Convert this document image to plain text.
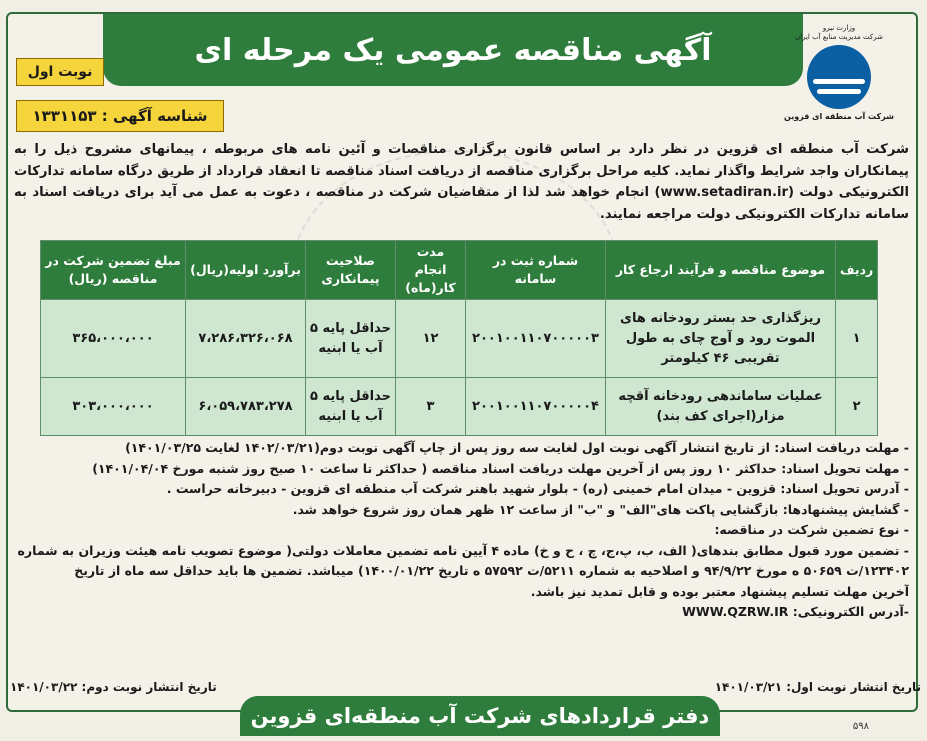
آگهی مناقصه عمومی یک مرحله ای
وزارت نیرو
شرکت مدیریت منابع آب ایران
شرکت آب منطقه ای قزوین
نوبت اول
شناسه آگهی : ۱۳۳۱۱۵۳

شرکت آب منطقه ای قزوین در نظر دارد بر اساس قانون برگزاری مناقصات و آئین نامه های مربوطه ، پیمانهای مشروح ذیل را به پیمانکاران واجد شرایط واگذار نماید. کلیه مراحل برگزاری مناقصه از دریافت اسناد مناقصه تا انعقاد قرارداد از طریق درگاه سامانه تدارکات الکترونیکی دولت (www.setadiran.ir) انجام خواهد شد لذا از متقاضیان شرکت در مناقصه ، دعوت به عمل می آید برای دریافت اسناد به سامانه تدارکات الکترونیکی دولت مراجعه نمایند.

ردیف	موضوع مناقصه و فرآیند ارجاع کار	شماره ثبت در سامانه	مدت انجام کار(ماه)	صلاحیت پیمانکاری	برآورد اولیه(ریال)	مبلغ تضمین شرکت در مناقصه (ریال)
۱	ریزگذاری حد بستر رودخانه های الموت رود و آوج چای به طول تقریبی ۴۶ کیلومتر	۲۰۰۱۰۰۱۱۰۷۰۰۰۰۰۳	۱۲	حداقل پایه ۵ آب یا ابنیه	۷،۲۸۶،۳۲۶،۰۶۸	۳۶۵،۰۰۰،۰۰۰
۲	عملیات ساماندهی رودخانه آقچه مزار(اجرای کف بند)	۲۰۰۱۰۰۱۱۰۷۰۰۰۰۰۴	۳	حداقل پایه ۵ آب یا ابنیه	۶،۰۵۹،۷۸۳،۲۷۸	۳۰۳،۰۰۰،۰۰۰
- مهلت دریافت اسناد: از تاریخ انتشار آگهی نوبت اول لغایت سه روز پس از چاپ آگهی نوبت دوم(۱۴۰۲/۰۳/۲۱ لغایت ۱۴۰۱/۰۳/۲۵)
- مهلت تحویل اسناد: حداکثر ۱۰ روز پس از آخرین مهلت دریافت اسناد مناقصه ( حداکثر تا ساعت ۱۰ صبح روز شنبه مورخ ۱۴۰۱/۰۴/۰۴)
- آدرس تحویل اسناد: قزوین - میدان امام خمینی (ره) - بلوار شهید باهنر شرکت آب منطقه ای قزوین - دبیرخانه حراست .
- گشایش پیشنهادها: بازگشایی پاکت های"الف" و "ب" از ساعت ۱۲ ظهر همان روز شروع خواهد شد.
- نوع تضمین شرکت در مناقصه:
- تضمین مورد قبول مطابق بندهای( الف، ب، پ،ج، چ ، ح و خ) ماده ۴ آیین نامه تضمین معاملات دولتی( موضوع تصویب نامه هیئت وزیران به شماره
۱۲۳۴۰۲/ت ۵۰۶۵۹ ه مورخ ۹۴/۹/۲۲ و اصلاحیه به شماره ۵۲۱۱/ت ۵۷۵۹۲ ه تاریخ ۱۴۰۰/۰۱/۲۲) میباشد. تضمین ها باید حداقل سه ماه از تاریخ
آخرین مهلت تسلیم پیشنهاد معتبر بوده و قابل تمدید نیز باشد.
-آدرس الکترونیکی: WWW.QZRW.IR
تاریخ انتشار نوبت اول: ۱۴۰۱/۰۳/۲۱
تاریخ انتشار نوبت دوم: ۱۴۰۱/۰۳/۲۲
دفتر قراردادهای شرکت آب منطقه‌ای قزوین	۵۹۸
